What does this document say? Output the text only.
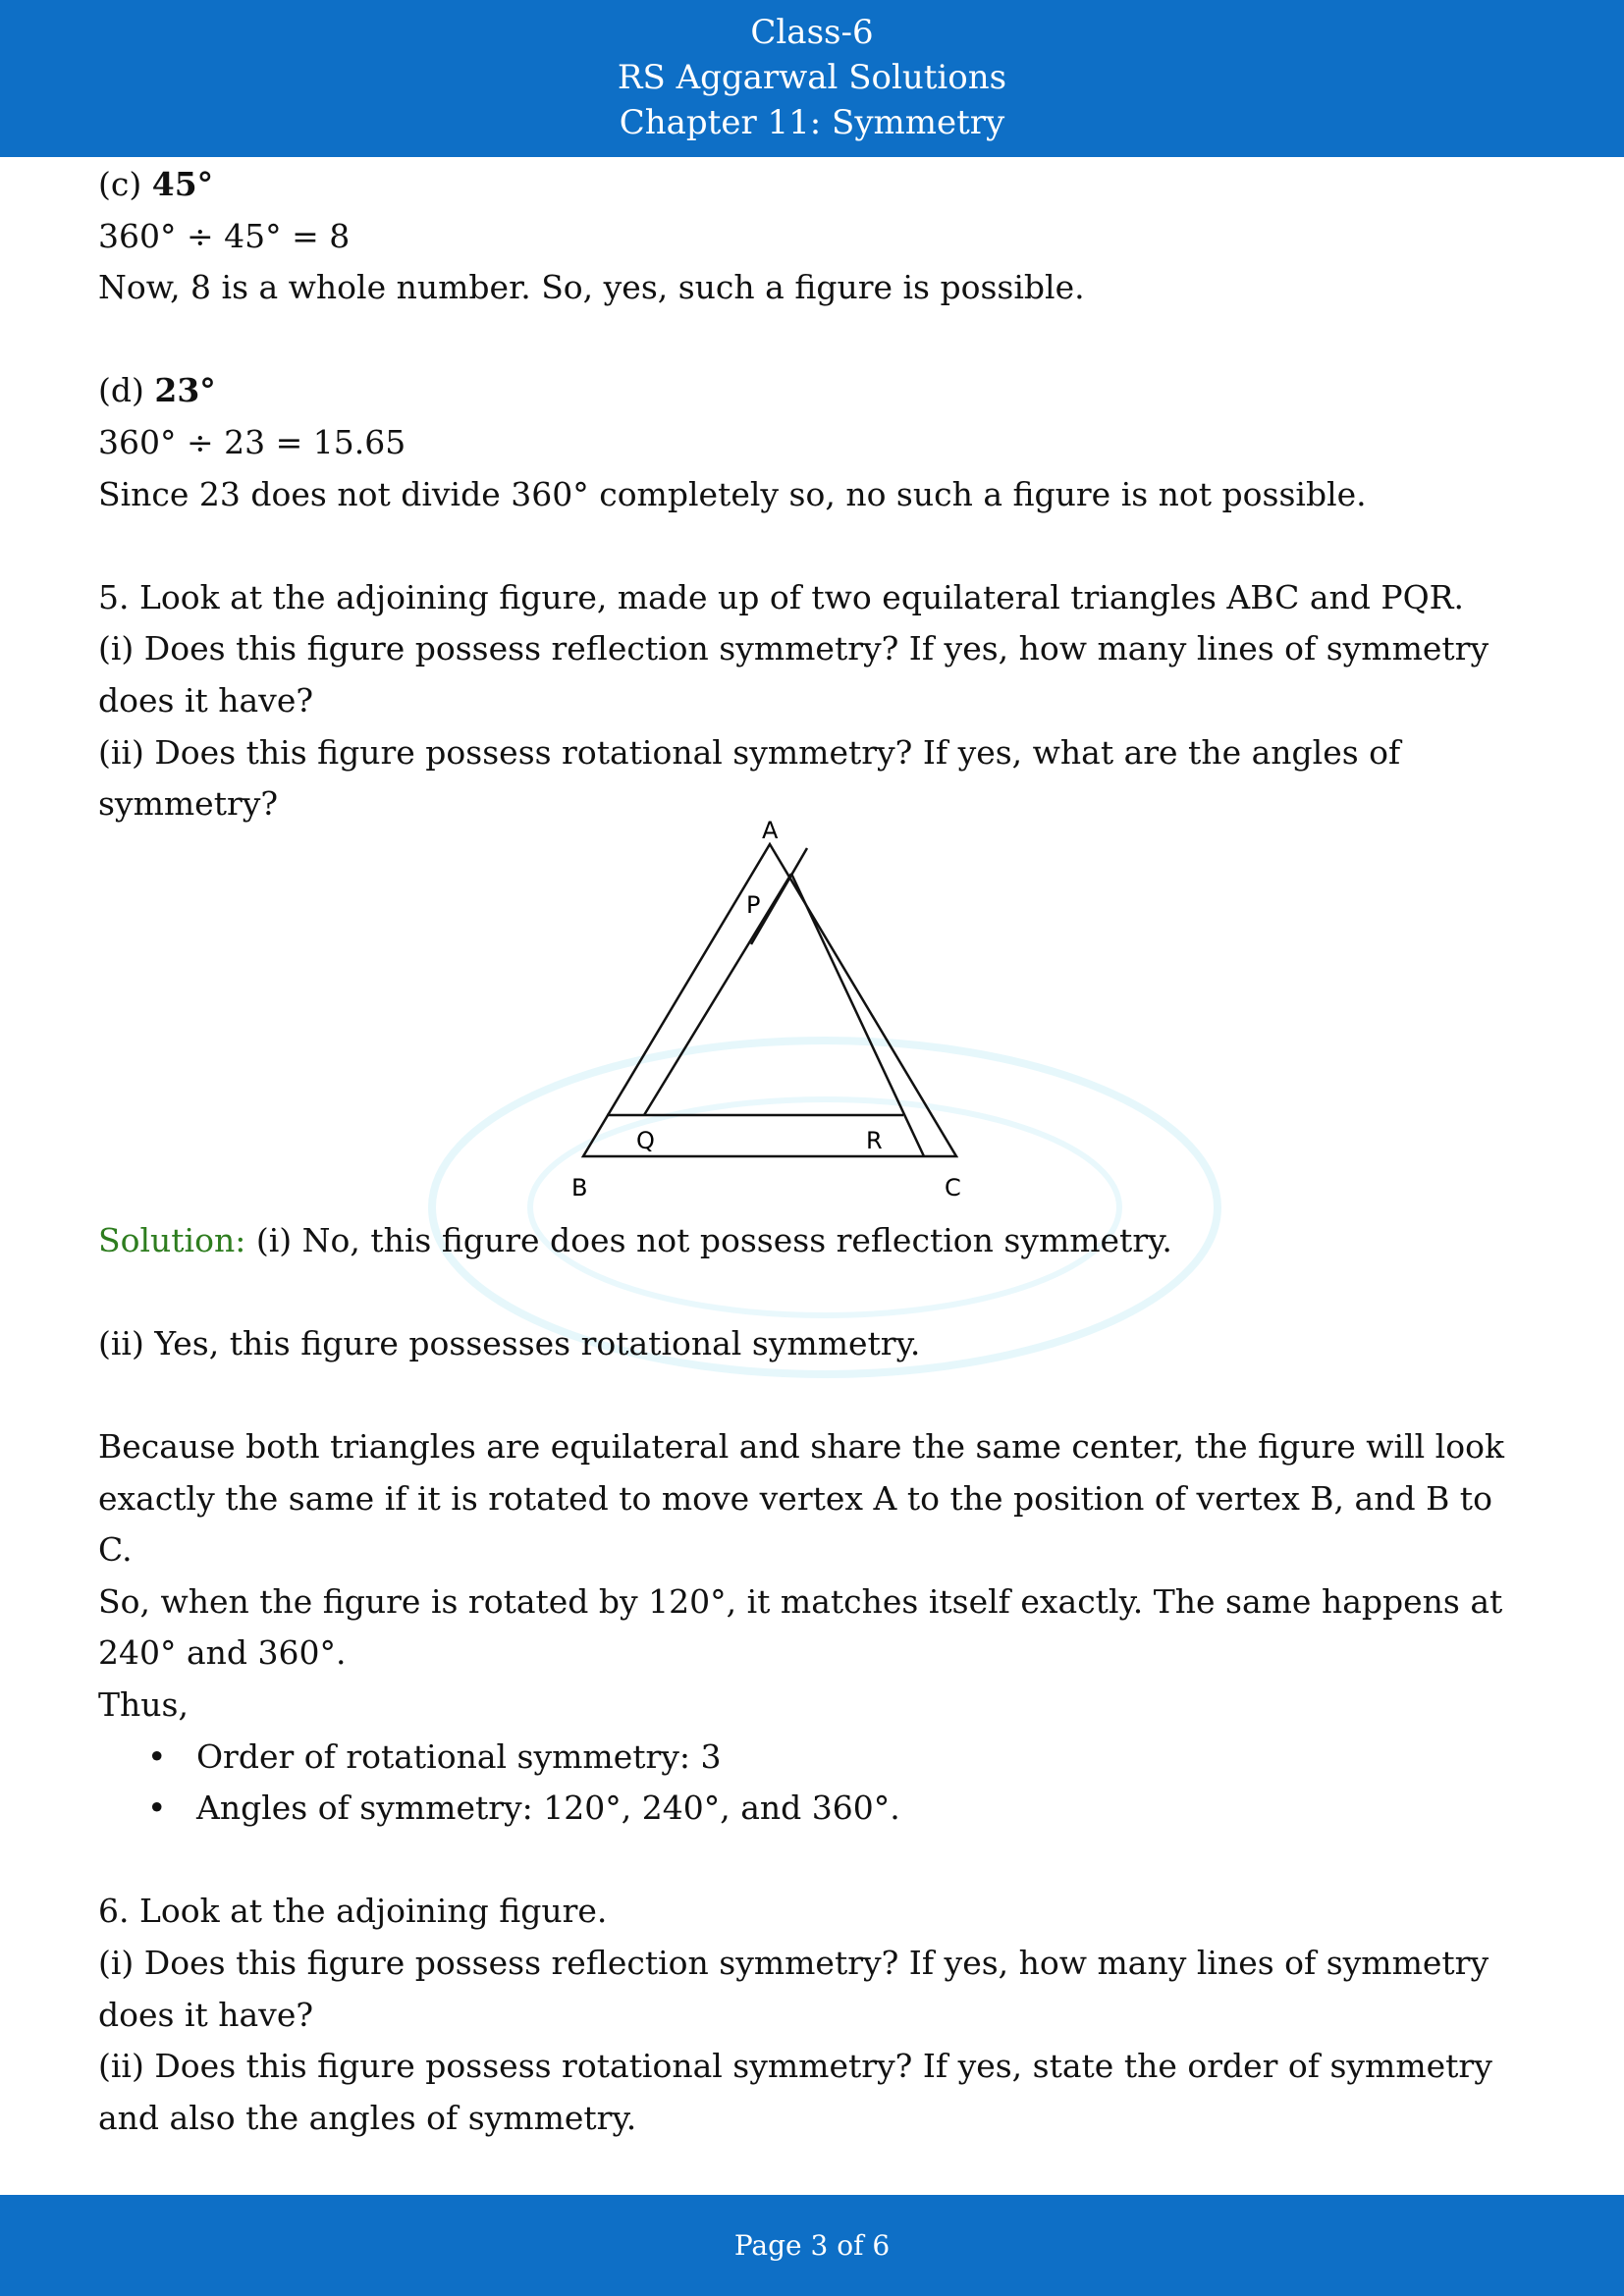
Class-6
RS Aggarwal Solutions
Chapter 11: Symmetry

(c) 45°

360° ÷ 45° = 8

Now, 8 is a whole number. So, yes, such a figure is possible.

(d) 23°

360° ÷ 23 = 15.65

Since 23 does not divide 360° completely so, no such a figure is not possible.

5. Look at the adjoining figure, made up of two equilateral triangles ABC and PQR.

(i) Does this figure possess reflection symmetry? If yes, how many lines of symmetry

does it have?

(ii) Does this figure possess rotational symmetry? If yes, what are the angles of

symmetry?

A
P
Q	R
B	C

Solution: (i) No, this figure does not possess reflection symmetry.

(ii) Yes, this figure possesses rotational symmetry.

Because both triangles are equilateral and share the same center, the figure will look

exactly the same if it is rotated to move vertex A to the position of vertex B, and B to C.

So, when the figure is rotated by 120°, it matches itself exactly. The same happens at

240° and 360°.

Thus,

• Order of rotational symmetry: 3
• Angles of symmetry: 120°, 240°, and 360°.

6. Look at the adjoining figure.

(i) Does this figure possess reflection symmetry? If yes, how many lines of symmetry

does it have?

(ii) Does this figure possess rotational symmetry? If yes, state the order of symmetry

and also the angles of symmetry.

Page 3 of 6
